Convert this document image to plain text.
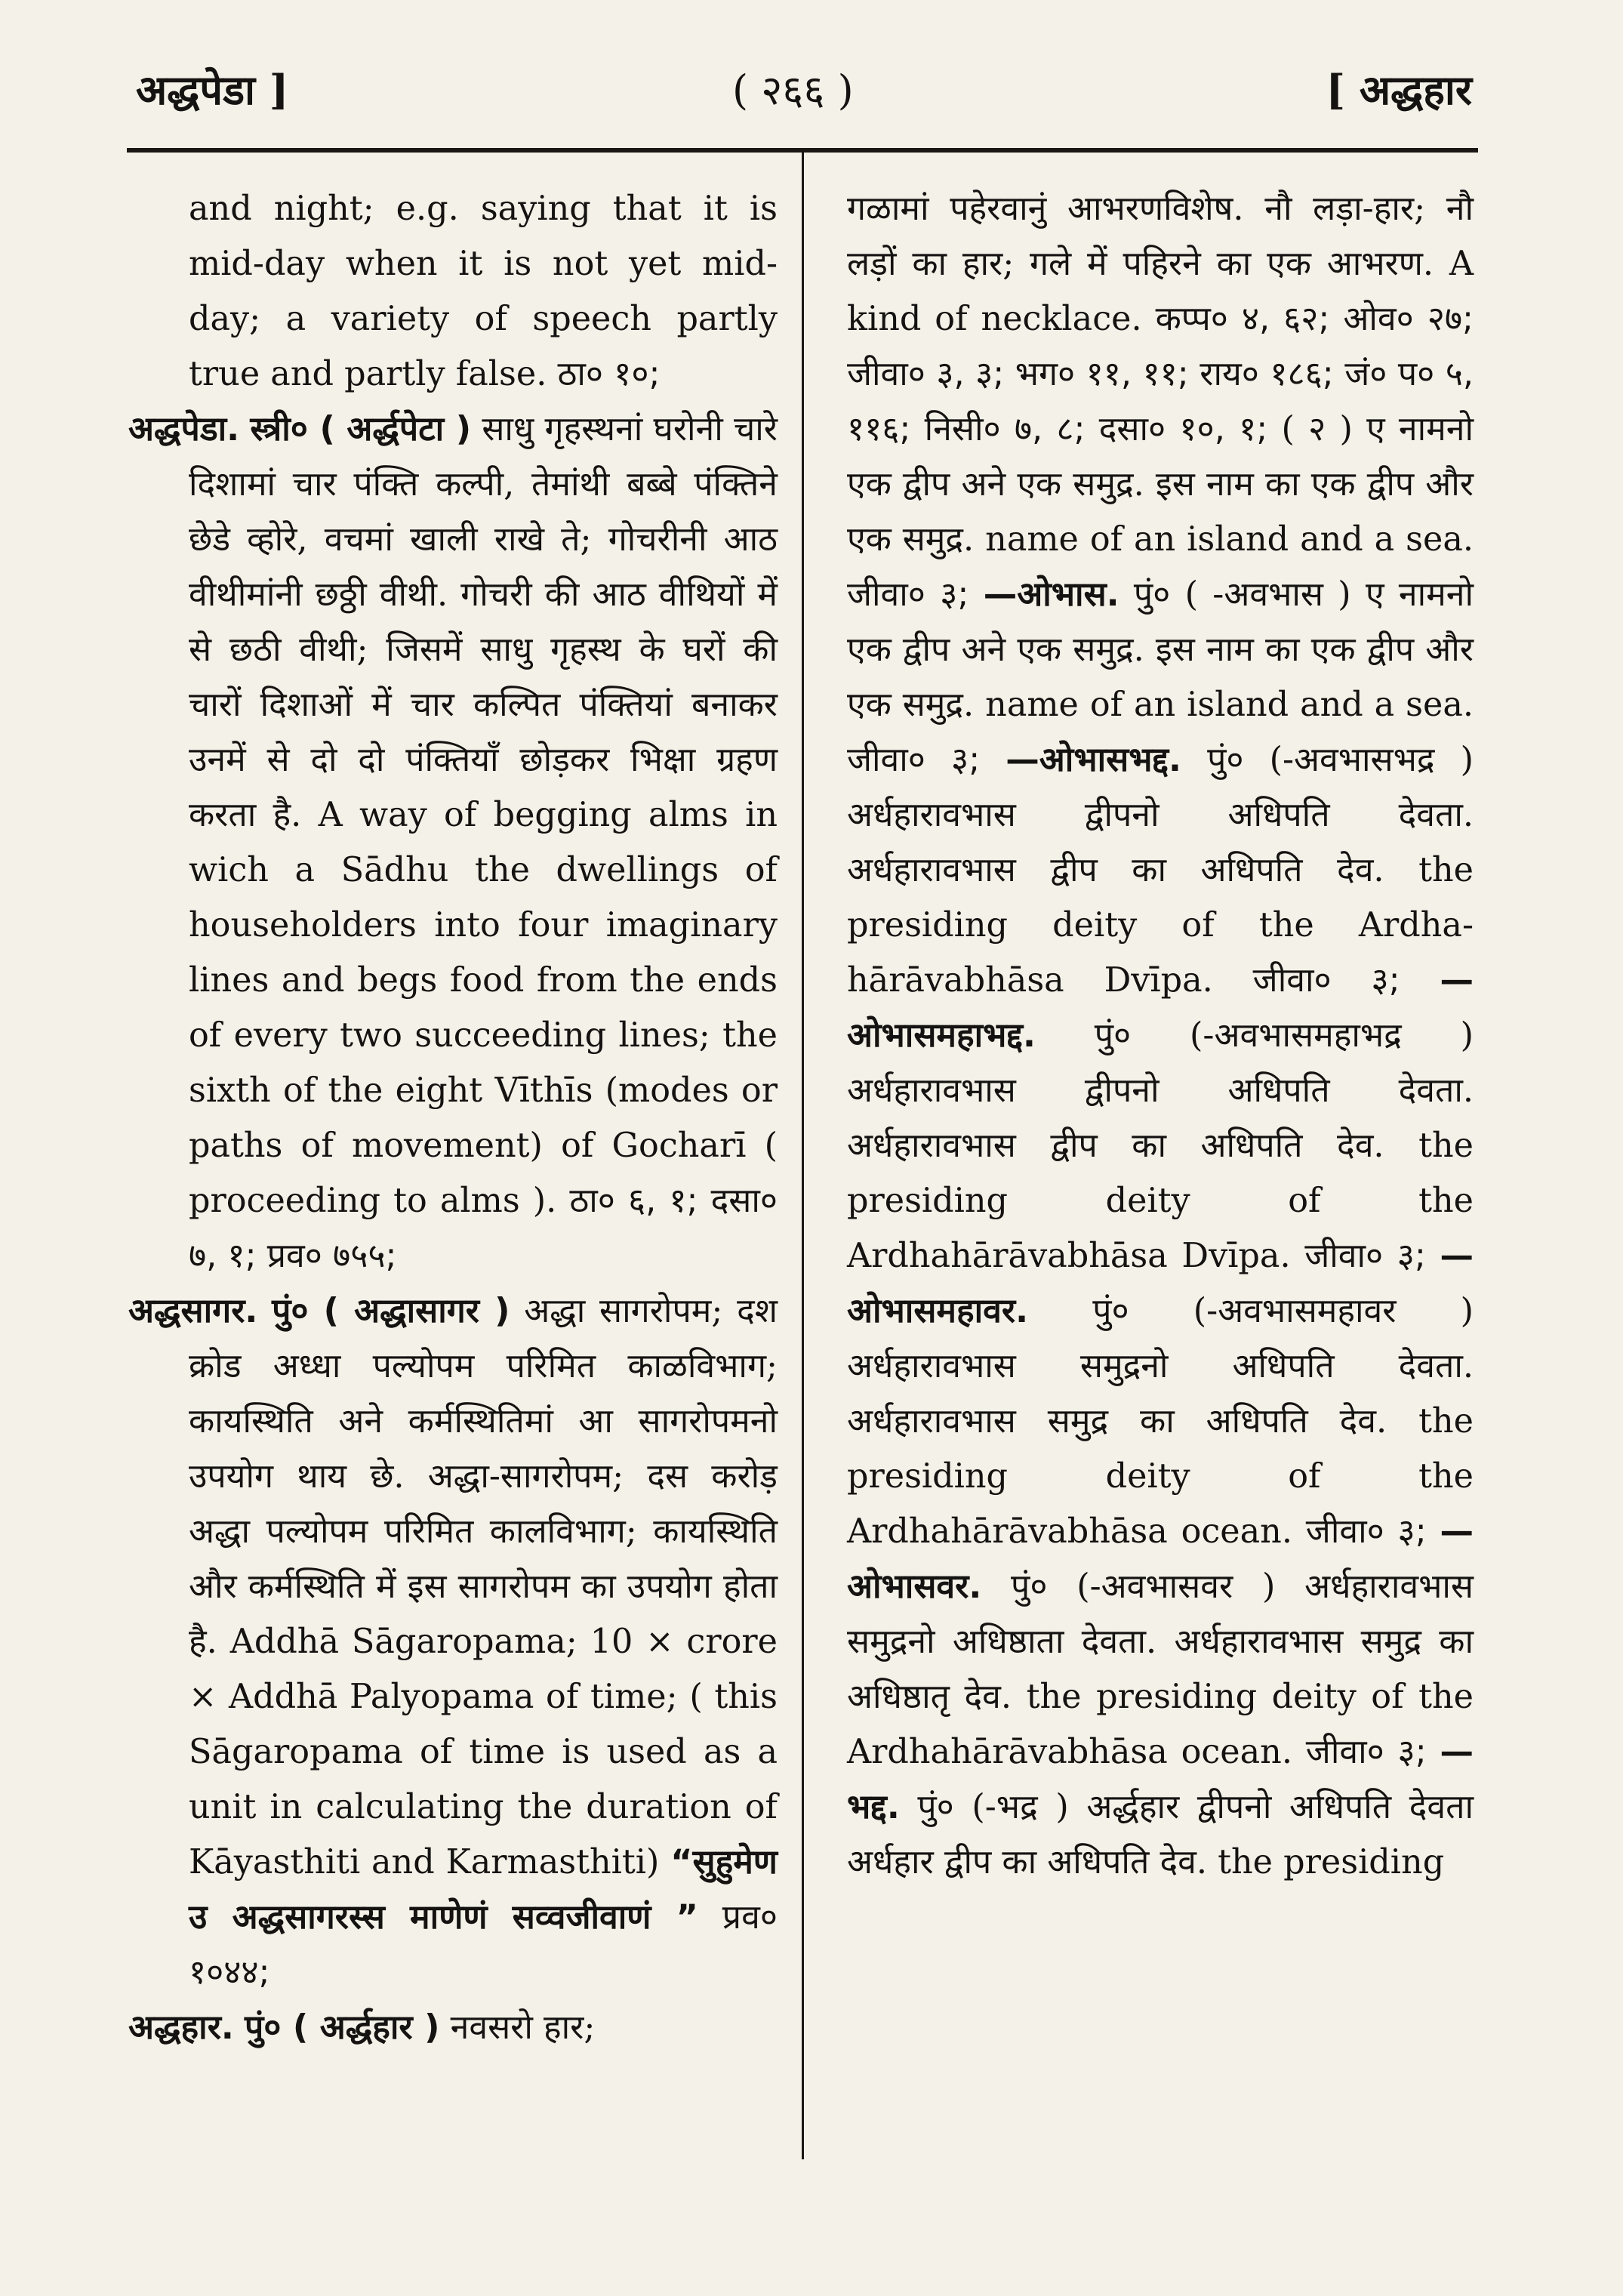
अद्धपेडा ]	( २६६ )	[ अद्धहार

and night; e.g. saying that it is mid-day when it is not yet mid-day; a variety of speech partly true and partly false. ठा० १०;

अद्धपेडा. स्त्री० ( अर्द्धपेटा ) साधु गृहस्थनां घरोनी चारे दिशामां चार पंक्ति कल्पी, तेमांथी बब्बे पंक्तिने छेडे व्होरे, वचमां खाली राखे ते; गोचरीनी आठ वीथीमांनी छठ्ठी वीथी. गोचरी की आठ वीथियों में से छठी वीथी; जिसमें साधु गृहस्थ के घरों की चारों दिशाओं में चार कल्पित पंक्तियां बनाकर उनमें से दो दो पंक्तियाँ छोड़कर भिक्षा ग्रहण करता है. A way of begging alms in wich a Sādhu the dwellings of householders into four imaginary lines and begs food from the ends of every two succeeding lines; the sixth of the eight Vīthīs (modes or paths of movement) of Gocharī ( proceeding to alms ). ठा० ६, १; दसा० ७, १; प्रव० ७५५;

अद्धसागर. पुं० ( अद्धासागर ) अद्धा सागरोपम; दश क्रोड अध्धा पल्योपम परिमित काळविभाग; कायस्थिति अने कर्मस्थितिमां आ सागरोपमनो उपयोग थाय छे. अद्धा-सागरोपम; दस करोड़ अद्धा पल्योपम परिमित कालविभाग; कायस्थिति और कर्मस्थिति में इस सागरोपम का उपयोग होता है. Addhā Sāgaropama; 10 × crore × Addhā Palyopama of time; ( this Sāgaropama of time is used as a unit in calculating the duration of Kāyasthiti and Karmasthiti) “सुहुमेण उ अद्धसागरस्स माणेणं सव्वजीवाणं ” प्रव० १०४४;

अद्धहार. पुं० ( अर्द्धहार ) नवसरो हार;

गळामां पहेरवानुं आभरणविशेष. नौ लड़ा-हार; नौ लड़ों का हार; गले में पहिरने का एक आभरण. A kind of necklace. कप्प० ४, ६२; ओव० २७; जीवा० ३, ३; भग० ११, ११; राय० १८६; जं० प० ५, ११६; निसी० ७, ८; दसा० १०, १; ( २ ) ए नामनो एक द्वीप अने एक समुद्र. इस नाम का एक द्वीप और एक समुद्र. name of an island and a sea. जीवा० ३; —ओभास. पुं० ( -अवभास ) ए नामनो एक द्वीप अने एक समुद्र. इस नाम का एक द्वीप और एक समुद्र. name of an island and a sea. जीवा० ३; —ओभासभद्द. पुं० (-अवभासभद्र ) अर्धहारावभास द्वीपनो अधिपति देवता. अर्धहारावभास द्वीप का अधिपति देव. the presiding deity of the Ardha-hārāvabhāsa Dvīpa. जीवा० ३; —ओभासमहाभद्द. पुं० (-अवभासमहाभद्र ) अर्धहारावभास द्वीपनो अधिपति देवता. अर्धहारावभास द्वीप का अधिपति देव. the presiding deity of the Ardhahārāvabhāsa Dvīpa. जीवा० ३; —ओभासमहावर. पुं० (-अवभासमहावर ) अर्धहारावभास समुद्रनो अधिपति देवता. अर्धहारावभास समुद्र का अधिपति देव. the presiding deity of the Ardhahārāvabhāsa ocean. जीवा० ३; —ओभासवर. पुं० (-अवभासवर ) अर्धहारावभास समुद्रनो अधिष्ठाता देवता. अर्धहारावभास समुद्र का अधिष्ठातृ देव. the presiding deity of the Ardhahārāvabhāsa ocean. जीवा० ३; —भद्द. पुं० (-भद्र ) अर्द्धहार द्वीपनो अधिपति देवता अर्धहार द्वीप का अधिपति देव. the presiding
